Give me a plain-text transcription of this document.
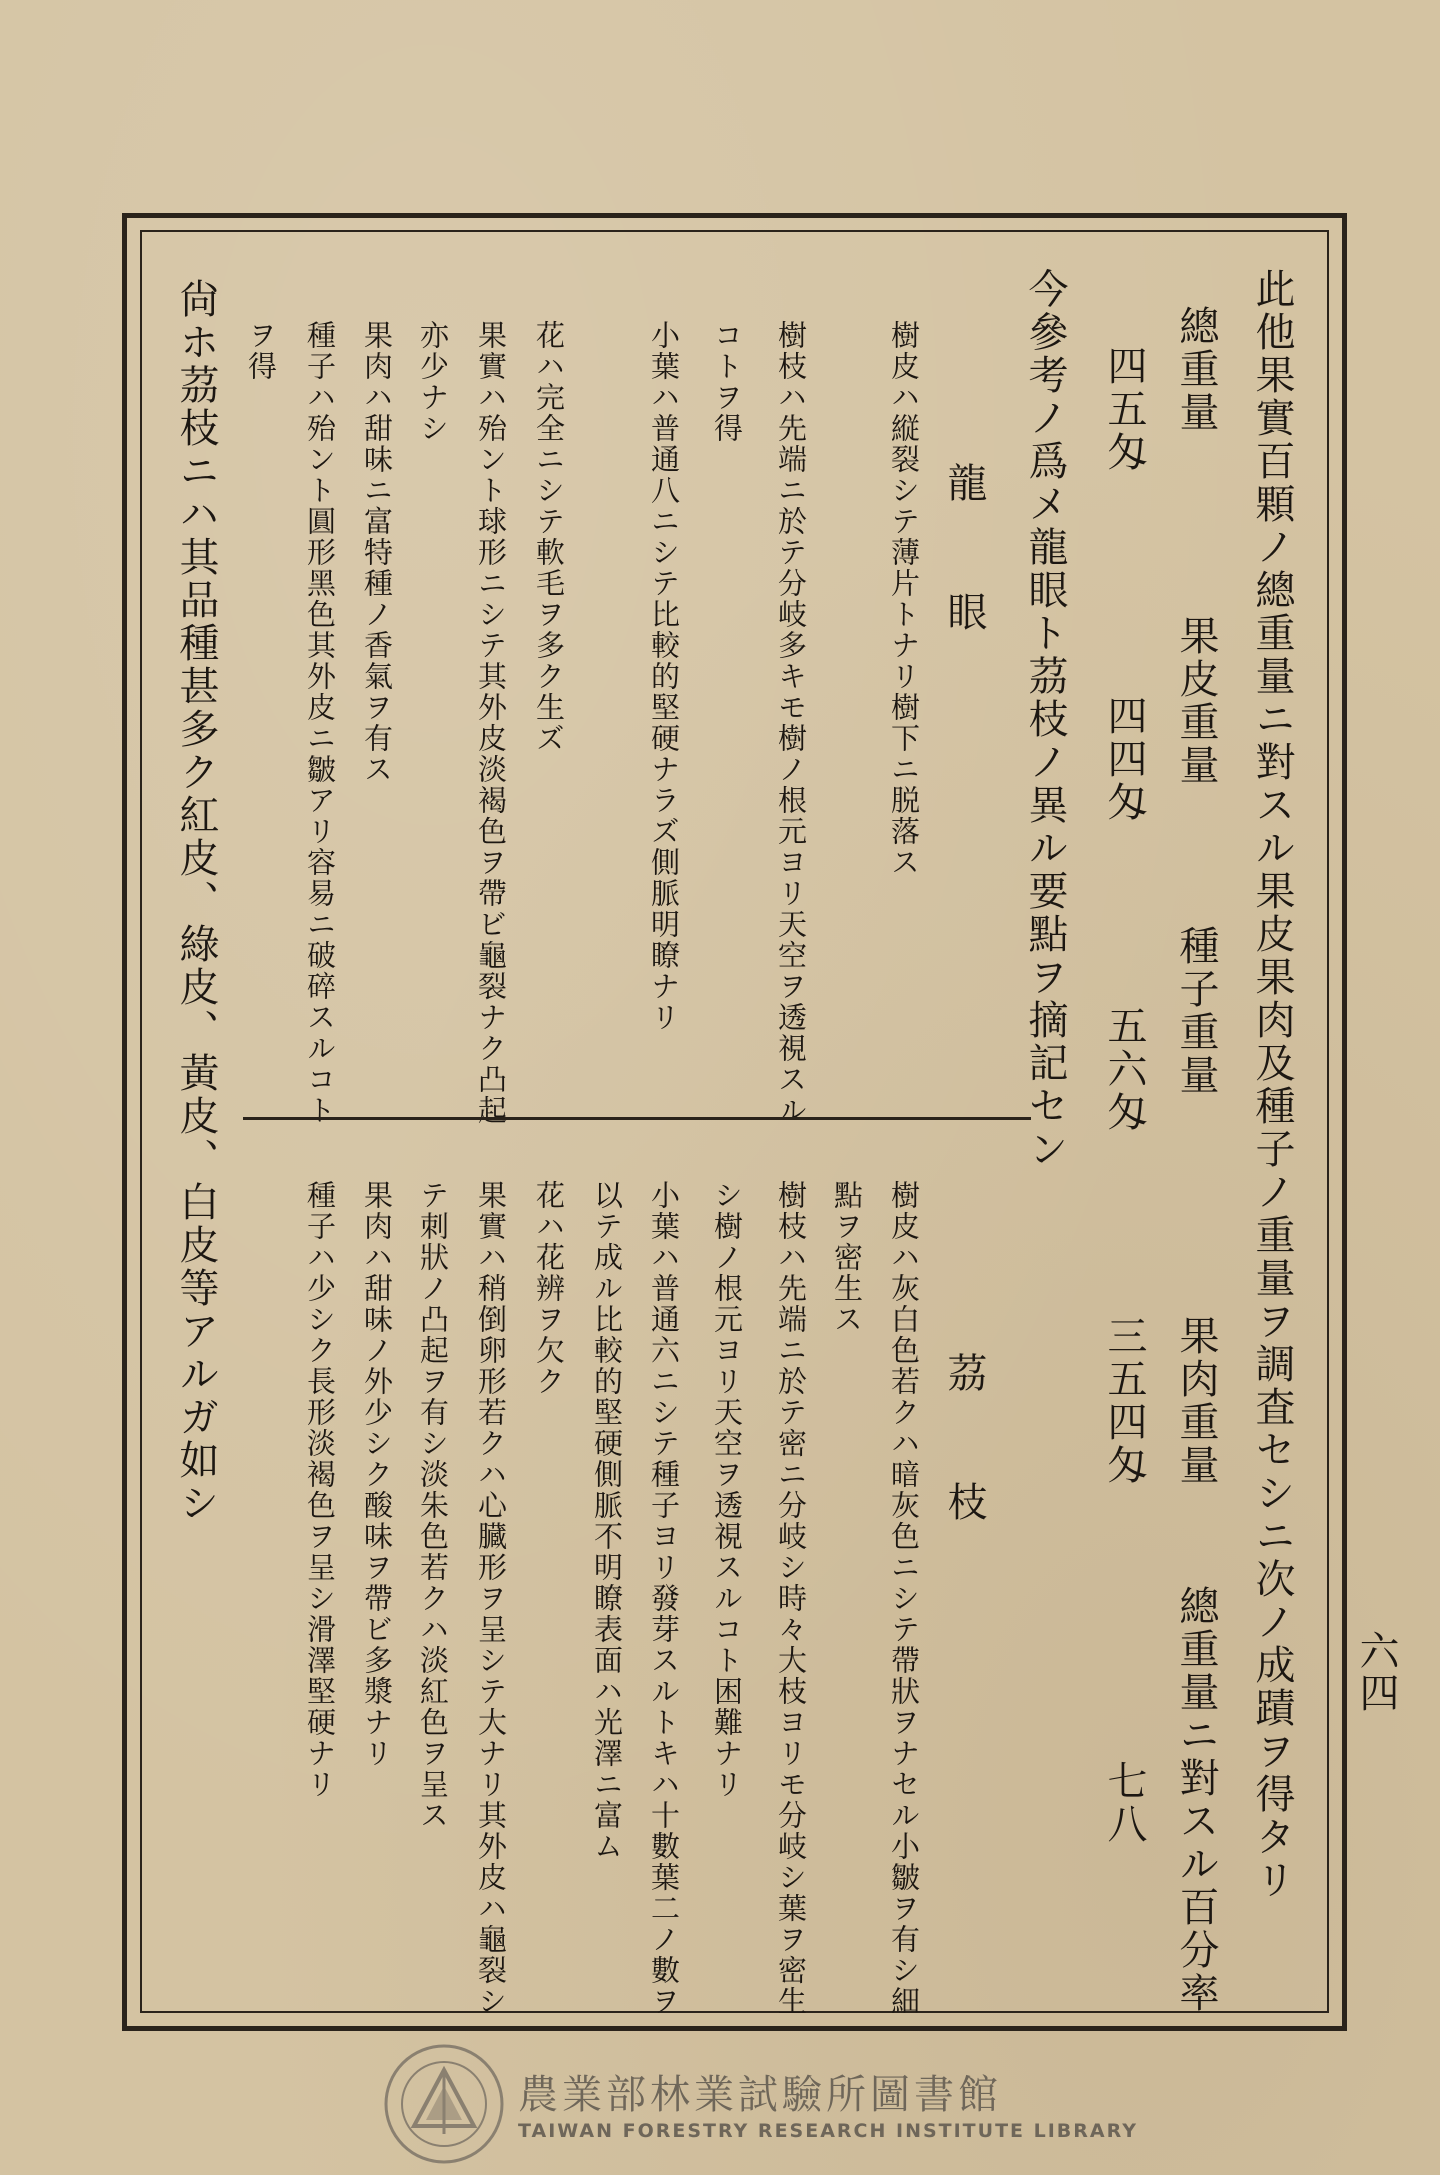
六四
此他果實百顆ノ總重量ニ對スル果皮果肉及種子ノ重量ヲ調査セシニ次ノ成蹟ヲ得タリ
總重量
果皮重量
種子重量
果肉重量
總重量ニ對スル百分率
四五匁
四四匁
五六匁
三五四匁
七八
今參考ノ爲メ龍眼ト茘枝ノ異ル要點ヲ摘記セン
龍　　眼
樹皮ハ縦裂シテ薄片トナリ樹下ニ脱落ス
樹枝ハ先端ニ於テ分岐多キモ樹ノ根元ヨリ天空ヲ透視スル
コトヲ得
小葉ハ普通八ニシテ比較的堅硬ナラズ側脈明瞭ナリ
花ハ完全ニシテ軟毛ヲ多ク生ズ
果實ハ殆ント球形ニシテ其外皮淡褐色ヲ帶ビ龜裂ナク凸起
亦少ナシ
果肉ハ甜味ニ富特種ノ香氣ヲ有ス
種子ハ殆ント圓形黑色其外皮ニ皺アリ容易ニ破碎スルコト
ヲ得
茘　　枝
樹皮ハ灰白色若クハ暗灰色ニシテ帶狀ヲナセル小皺ヲ有シ細
點ヲ密生ス
樹枝ハ先端ニ於テ密ニ分岐シ時々大枝ヨリモ分岐シ葉ヲ密生
シ樹ノ根元ヨリ天空ヲ透視スルコト困難ナリ
小葉ハ普通六ニシテ種子ヨリ發芽スルトキハ十數葉二ノ數ヲ
以テ成ル比較的堅硬側脈不明瞭表面ハ光澤ニ富ム
花ハ花辨ヲ欠ク
果實ハ稍倒卵形若クハ心臓形ヲ呈シテ大ナリ其外皮ハ龜裂シ
テ刺狀ノ凸起ヲ有シ淡朱色若クハ淡紅色ヲ呈ス
果肉ハ甜味ノ外少シク酸味ヲ帶ビ多漿ナリ
種子ハ少シク長形淡褐色ヲ呈シ滑澤堅硬ナリ
尙ホ茘枝ニハ其品種甚多ク紅皮、綠皮、黃皮、白皮等アルガ如シ
農業部林業試驗所圖書館
TAIWAN FORESTRY RESEARCH INSTITUTE LIBRARY
